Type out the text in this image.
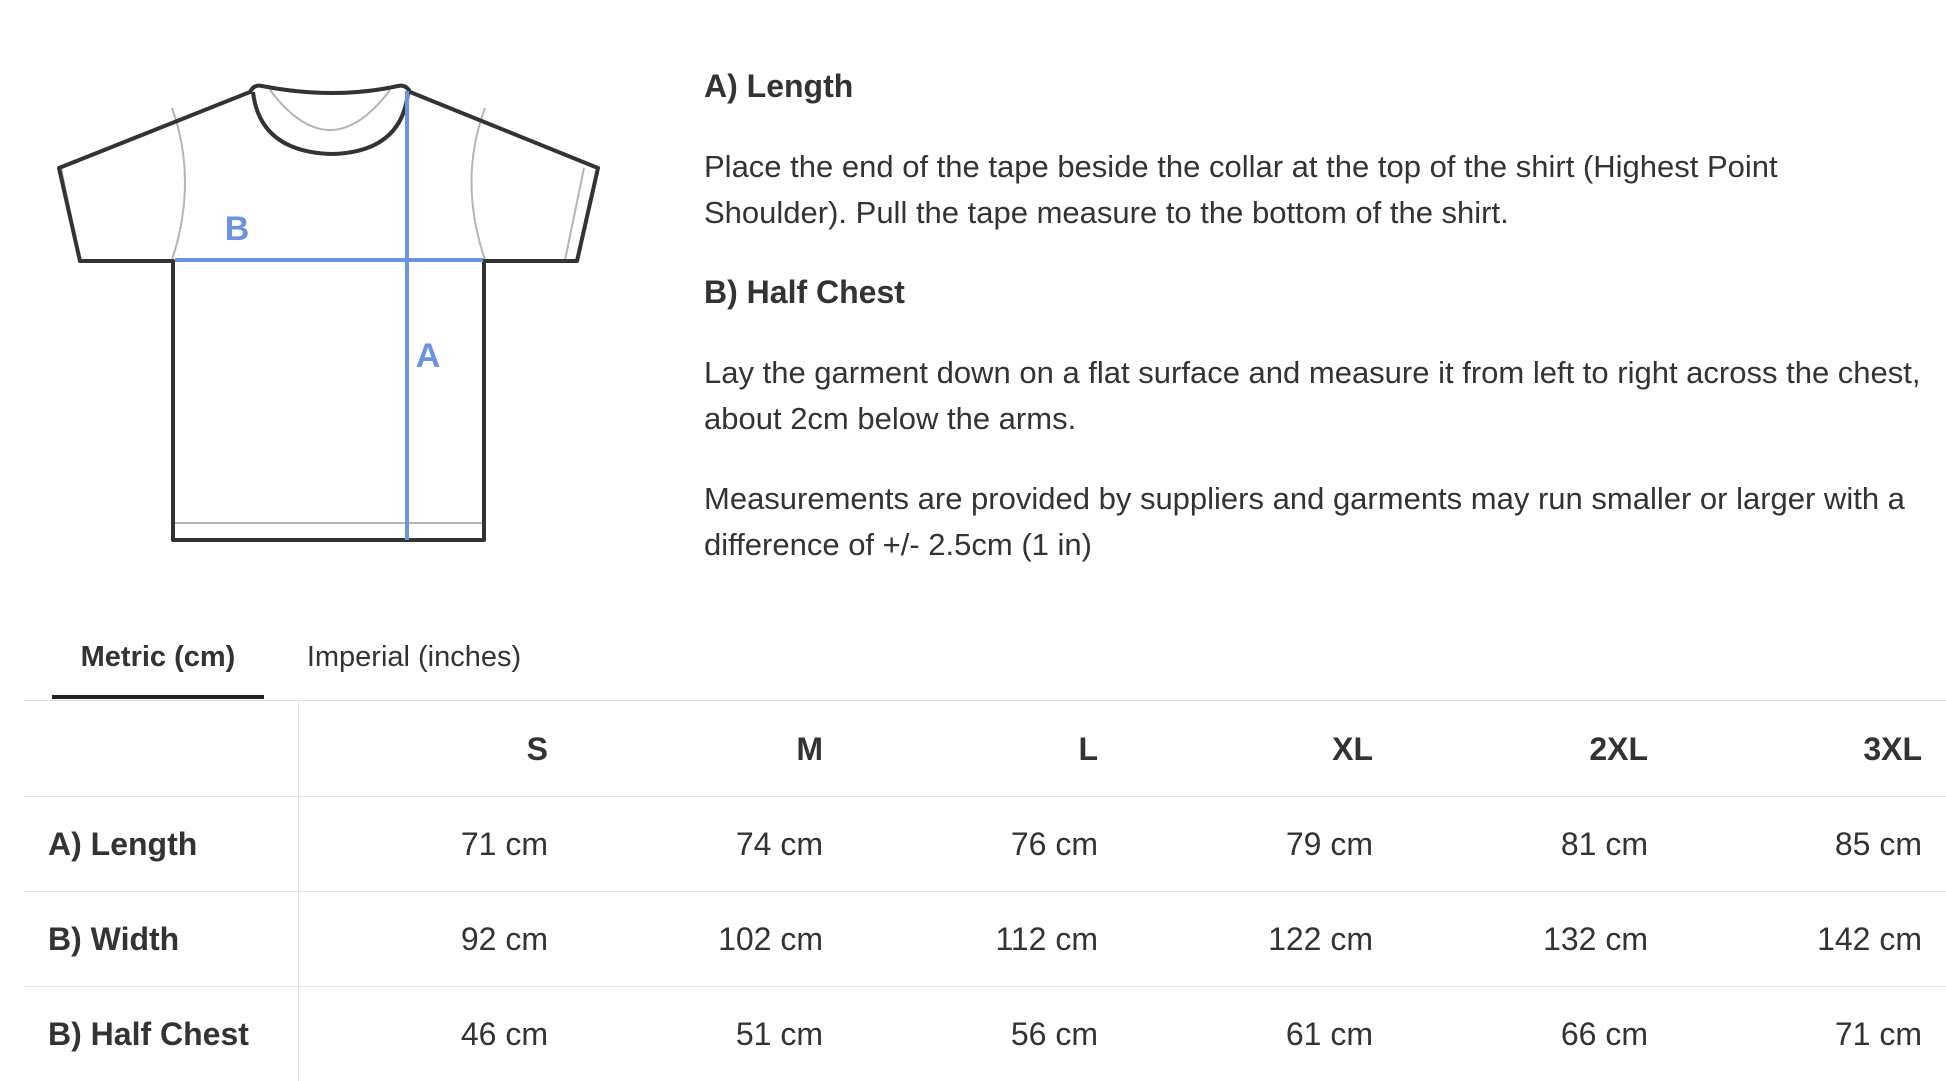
B
A
A) Length

Place the end of the tape beside the collar at the top of the shirt (Highest Point Shoulder). Pull the tape measure to the bottom of the shirt.

B) Half Chest

Lay the garment down on a flat surface and measure it from left to right across the chest, about 2cm below the arms.

Measurements are provided by suppliers and garments may run smaller or larger with a difference of +/- 2.5cm (1 in)

Metric (cm)	Imperial (inches)
	S	M	L	XL	2XL	3XL
A) Length	71 cm	74 cm	76 cm	79 cm	81 cm	85 cm
B) Width	92 cm	102 cm	112 cm	122 cm	132 cm	142 cm
B) Half Chest	46 cm	51 cm	56 cm	61 cm	66 cm	71 cm
